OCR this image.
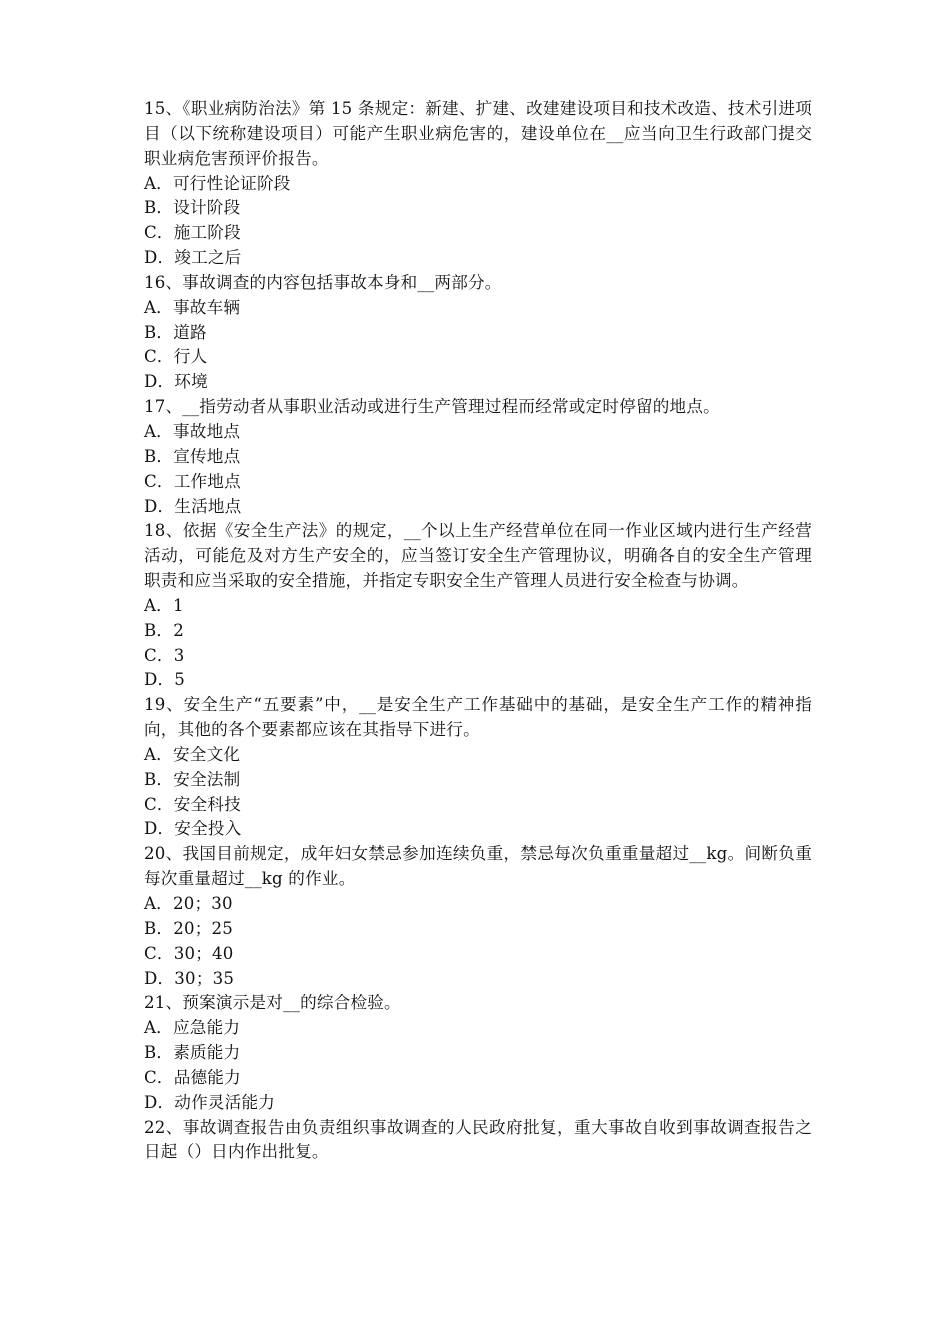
15、《职业病防治法》第 15 条规定：新建、扩建、改建建设项目和技术改造、技术引进项目（以下统称建设项目）可能产生职业病危害的，建设单位在__应当向卫生行政部门提交职业病危害预评价报告。

A．可行性论证阶段

B．设计阶段

C．施工阶段

D．竣工之后

16、事故调查的内容包括事故本身和__两部分。

A．事故车辆

B．道路

C．行人

D．环境

17、__指劳动者从事职业活动或进行生产管理过程而经常或定时停留的地点。

A．事故地点

B．宣传地点

C．工作地点

D．生活地点

18、依据《安全生产法》的规定，__个以上生产经营单位在同一作业区域内进行生产经营活动，可能危及对方生产安全的，应当签订安全生产管理协议，明确各自的安全生产管理职责和应当采取的安全措施，并指定专职安全生产管理人员进行安全检查与协调。

A．1

B．2

C．3

D．5

19、安全生产“五要素”中，__是安全生产工作基础中的基础，是安全生产工作的精神指向，其他的各个要素都应该在其指导下进行。

A．安全文化

B．安全法制

C．安全科技

D．安全投入

20、我国目前规定，成年妇女禁忌参加连续负重，禁忌每次负重重量超过__kg。间断负重每次重量超过__kg 的作业。

A．20；30

B．20；25

C．30；40

D．30；35

21、预案演示是对__的综合检验。

A．应急能力

B．素质能力

C．品德能力

D．动作灵活能力

22、事故调查报告由负责组织事故调查的人民政府批复，重大事故自收到事故调查报告之日起（）日内作出批复。
